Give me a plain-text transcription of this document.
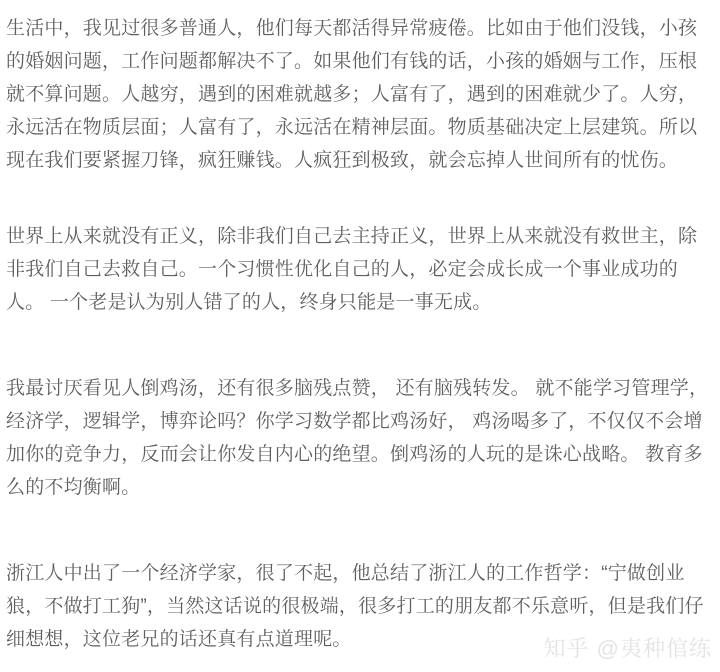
生活中，我见过很多普通人，他们每天都活得异常疲倦。比如由于他们没钱，小孩的婚姻问题，工作问题都解决不了。如果他们有钱的话，小孩的婚姻与工作，压根就不算问题。人越穷，遇到的困难就越多；人富有了，遇到的困难就少了。人穷，永远活在物质层面；人富有了，永远活在精神层面。物质基础决定上层建筑。所以现在我们要紧握刀锋，疯狂赚钱。人疯狂到极致，就会忘掉人世间所有的忧伤。

世界上从来就没有正义，除非我们自己去主持正义，世界上从来就没有救世主，除非我们自己去救自己。一个习惯性优化自己的人，必定会成长成一个事业成功的人。 一个老是认为别人错了的人，终身只能是一事无成。

我最讨厌看见人倒鸡汤，还有很多脑残点赞， 还有脑残转发。 就不能学习管理学，经济学，逻辑学，博弈论吗？你学习数学都比鸡汤好， 鸡汤喝多了，不仅仅不会增加你的竞争力，反而会让你发自内心的绝望。倒鸡汤的人玩的是诛心战略。 教育多么的不均衡啊。

浙江人中出了一个经济学家，很了不起，他总结了浙江人的工作哲学：“宁做创业狼，不做打工狗”，当然这话说的很极端，很多打工的朋友都不乐意听，但是我们仔细想想，这位老兄的话还真有点道理呢。	知乎 @夷种倌练
